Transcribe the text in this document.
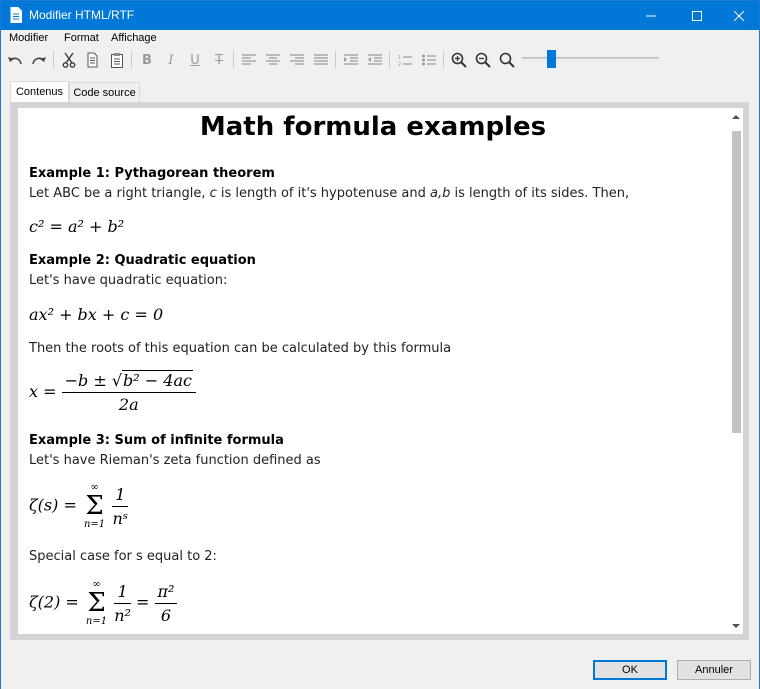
Modifier HTML/RTF
Modifier Format Affichage
B I U T	1
2
Contenus Code source
Math formula examples
Example 1: Pythagorean theorem
Let ABC be a right triangle, c is length of it's hypotenuse and a,b is length of its sides. Then,
c² = a² + b²
Example 2: Quadratic equation
Let's have quadratic equation:
ax² + bx + c = 0
Then the roots of this equation can be calculated by this formula
$x = \frac{\text{−b ± √b² − 4ac}}{2a}$
Example 3: Sum of infinite formula
Let's have Rieman's zeta function defined as
ζ(s) =
∞
Σ
n=1
$\frac{1}{\text{nˢ}}$
Special case for s equal to 2:
ζ(2) =
∞
Σ
n=1
$\frac{1}{\text{n²}} = \frac{\text{π²}}{6}$
OK	Annuler
